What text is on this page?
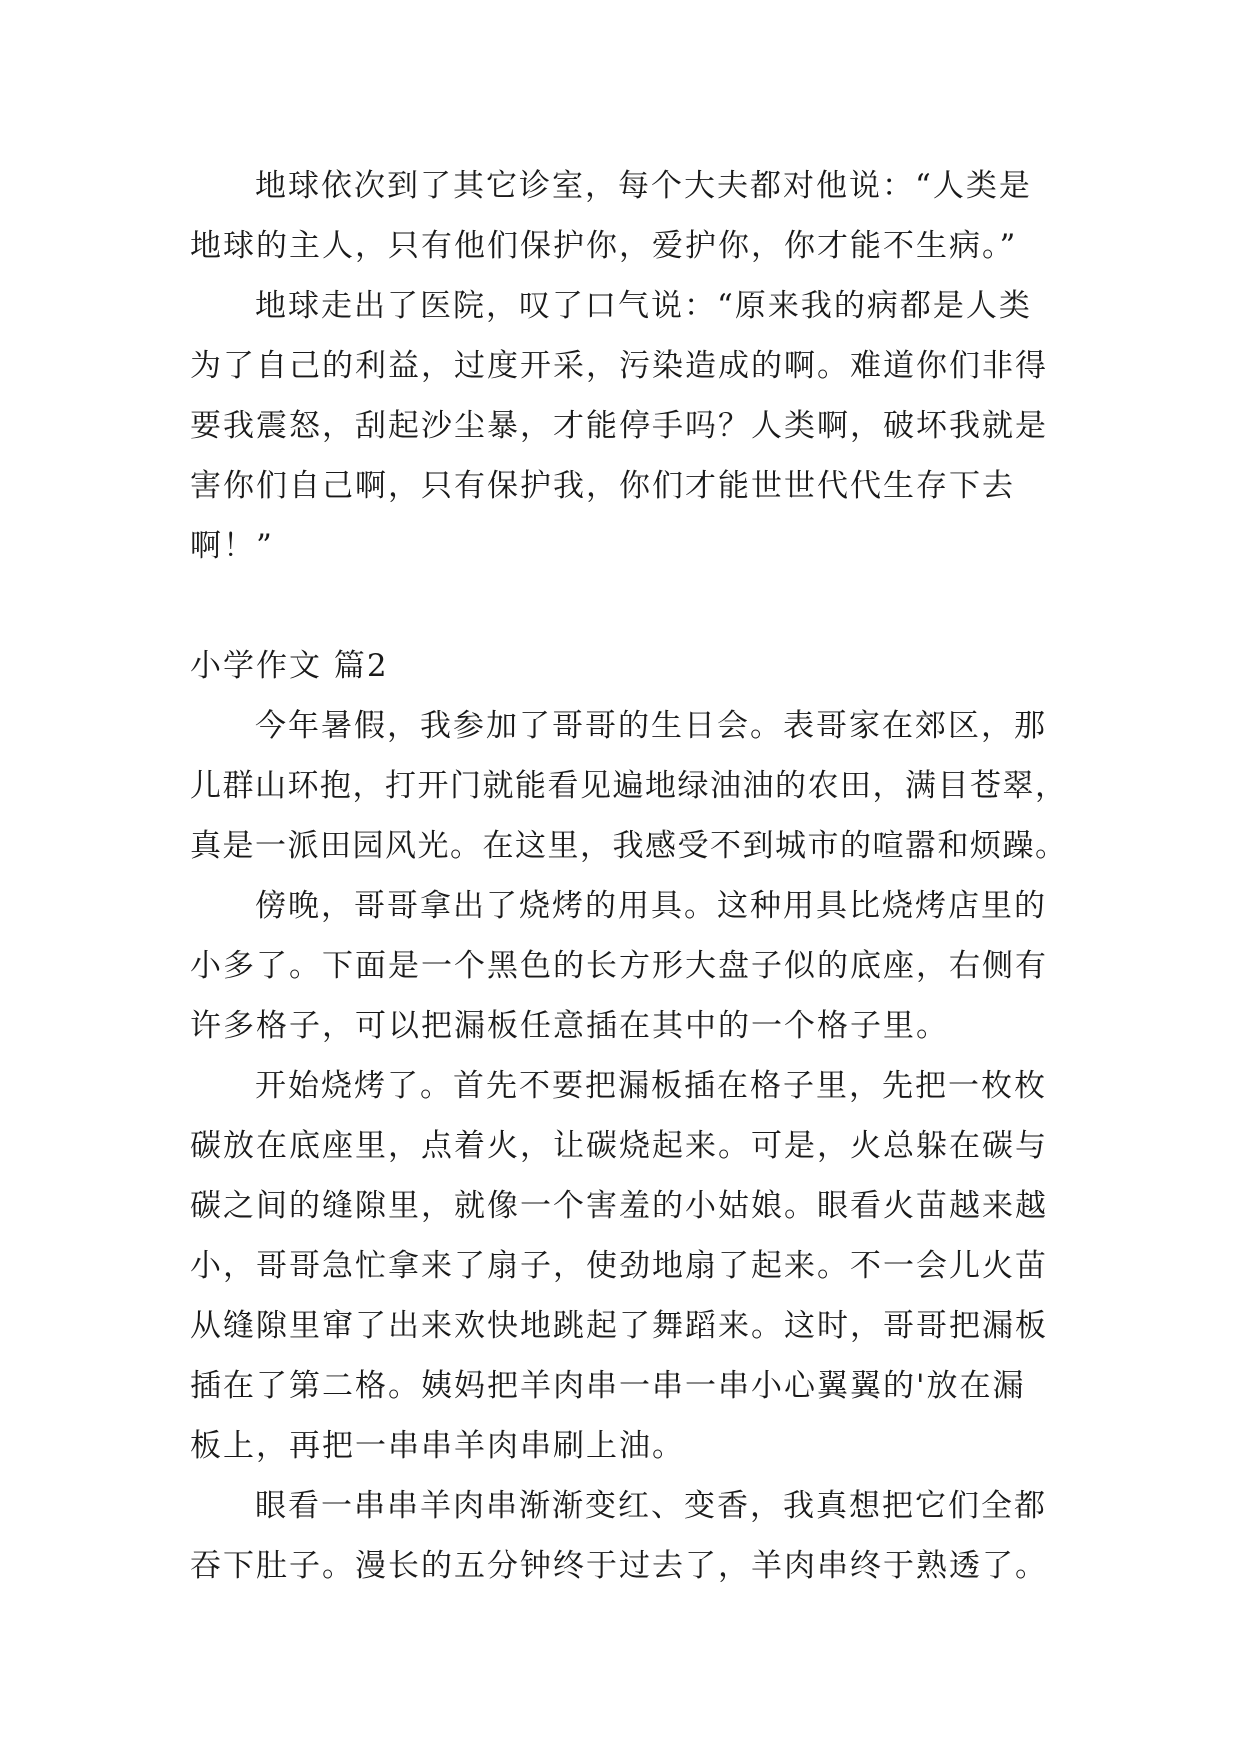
地球依次到了其它诊室，每个大夫都对他说：“人类是
地球的主人，只有他们保护你，爱护你，你才能不生病。”
地球走出了医院，叹了口气说：“原来我的病都是人类
为了自己的利益，过度开采，污染造成的啊。难道你们非得
要我震怒，刮起沙尘暴，才能停手吗？人类啊，破坏我就是
害你们自己啊，只有保护我，你们才能世世代代生存下去
啊！”
小学作文 篇2
今年暑假，我参加了哥哥的生日会。表哥家在郊区，那
儿群山环抱，打开门就能看见遍地绿油油的农田，满目苍翠，
真是一派田园风光。在这里，我感受不到城市的喧嚣和烦躁。
傍晚，哥哥拿出了烧烤的用具。这种用具比烧烤店里的
小多了。下面是一个黑色的长方形大盘子似的底座，右侧有
许多格子，可以把漏板任意插在其中的一个格子里。
开始烧烤了。首先不要把漏板插在格子里，先把一枚枚
碳放在底座里，点着火，让碳烧起来。可是，火总躲在碳与
碳之间的缝隙里，就像一个害羞的小姑娘。眼看火苗越来越
小，哥哥急忙拿来了扇子，使劲地扇了起来。不一会儿火苗
从缝隙里窜了出来欢快地跳起了舞蹈来。这时，哥哥把漏板
插在了第二格。姨妈把羊肉串一串一串小心翼翼的'放在漏
板上，再把一串串羊肉串刷上油。
眼看一串串羊肉串渐渐变红、变香，我真想把它们全都
吞下肚子。漫长的五分钟终于过去了，羊肉串终于熟透了。
